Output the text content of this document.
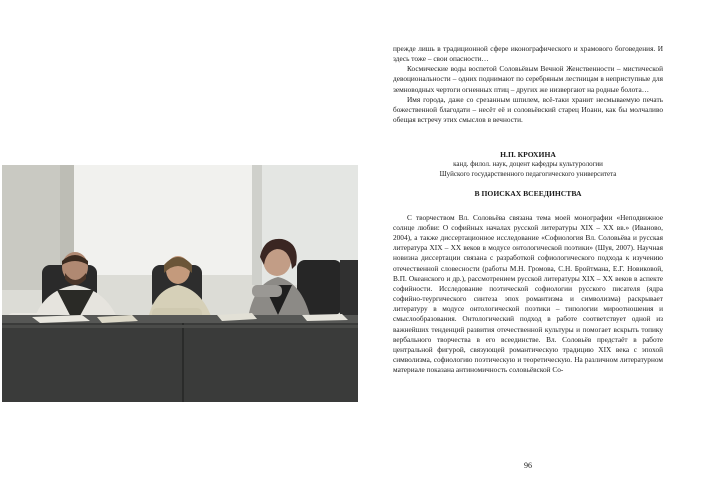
прежде лишь в традиционной сфере иконографического и храмового боговедения. И здесь тоже – свои опасности…

Космические воды воспетой Соловьёвым Вечной Женственности – мистической девоциональности – одних поднимают по серебряным лестницам в неприступные для земноводных чертоги огненных птиц – других же низвергают на родные болота…

Имя города, даже со срезанным шпилем, всё-таки хранит несмываемую печать божественной благодати – несёт её и соловьёвский старец Иоанн, как бы молчаливо обещая встречу этих смыслов в вечности.

Н.П. КРОХИНА

канд. филол. наук, доцент кафедры культурологии

Шуйского государственного педагогического университета

В ПОИСКАХ ВСЕЕДИНСТВА

С творчеством Вл. Соловьёва связана тема моей монографии «Неподвижное солнце любви: О софийных началах русской литературы XIX – XX вв.» (Иваново, 2004), а также диссертационное исследование «Софиология Вл. Соловьёва и русская литература XIX – XX веков в модусе онтологической поэтики» (Шуя, 2007). Научная новизна диссертации связана с разработкой софиологического подхода к изучению отечественной словесности (работы М.Н. Громова, С.Н. Бройтмана, Е.Г. Новиковой, В.П. Океанского и др.), рассмотрением русской литературы XIX – XX веков в аспекте софийности. Исследование поэтической софиологии русского писателя (ядра софийно-теургического синтеза эпох романтизма и символизма) раскрывает литературу в модусе онтологической поэтики – типологии мироотношения и смыслообразования. Онтологический подход в работе соответствует одной из важнейших тенденций развития отечественной культуры и помогает вскрыть топику вербального творчества в его всеединстве. Вл. Соловьёв предстаёт в работе центральной фигурой, связующей романтическую традицию XIX века с эпохой символизма, софиологию поэтическую и теоретическую. На различном литературном материале показана антиномичность соловьёвской Со-

96
